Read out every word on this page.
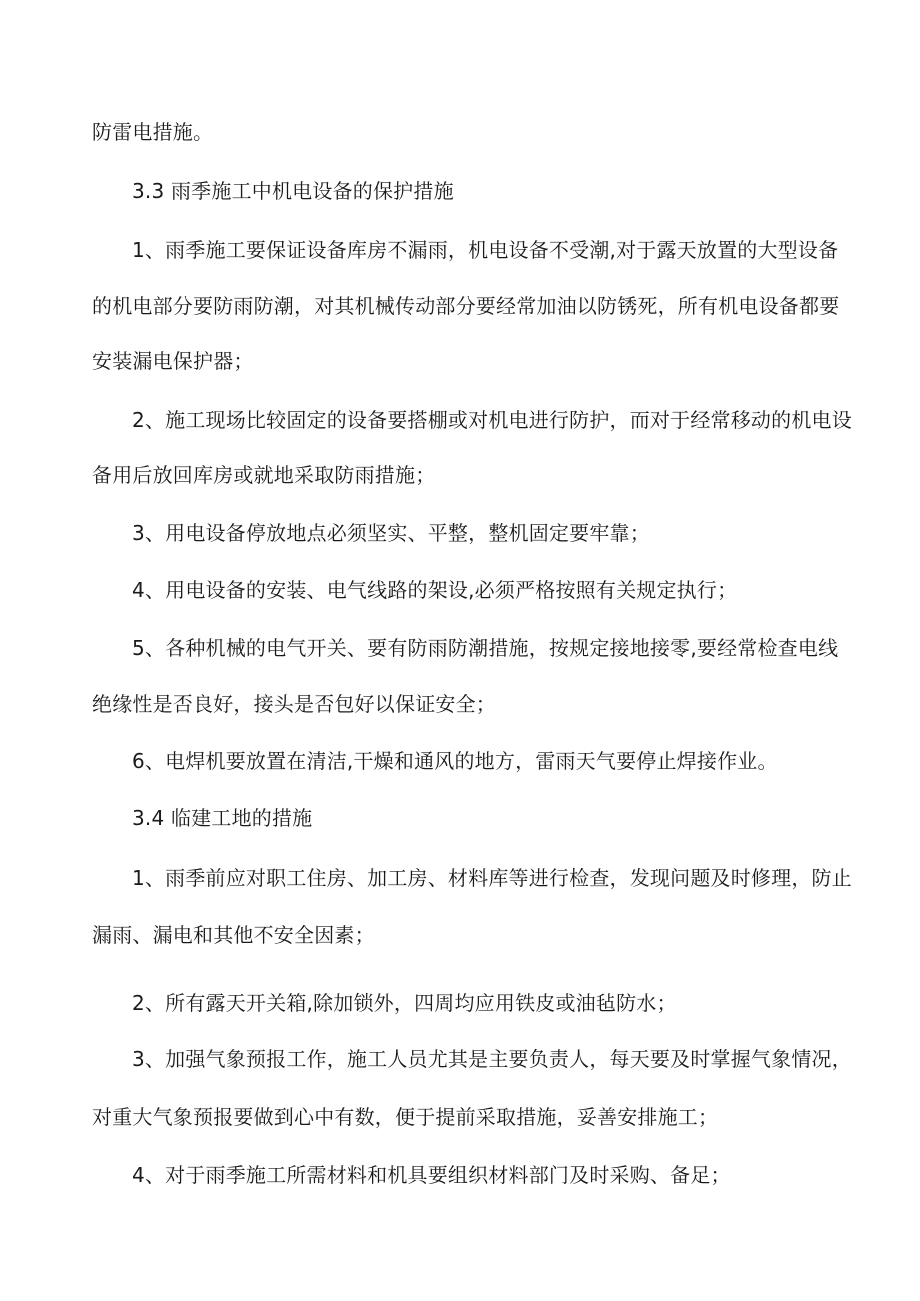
防雷电措施。
3.3 雨季施工中机电设备的保护措施
1、雨季施工要保证设备库房不漏雨，机电设备不受潮,对于露天放置的大型设备
的机电部分要防雨防潮，对其机械传动部分要经常加油以防锈死，所有机电设备都要
安装漏电保护器；
2、施工现场比较固定的设备要搭棚或对机电进行防护，而对于经常移动的机电设
备用后放回库房或就地采取防雨措施；
3、用电设备停放地点必须坚实、平整，整机固定要牢靠；
4、用电设备的安装、电气线路的架设,必须严格按照有关规定执行；
5、各种机械的电气开关、要有防雨防潮措施，按规定接地接零,要经常检查电线
绝缘性是否良好，接头是否包好以保证安全；
6、电焊机要放置在清洁,干燥和通风的地方，雷雨天气要停止焊接作业。
3.4 临建工地的措施
1、雨季前应对职工住房、加工房、材料库等进行检查，发现问题及时修理，防止
漏雨、漏电和其他不安全因素；
2、所有露天开关箱,除加锁外，四周均应用铁皮或油毡防水；
3、加强气象预报工作，施工人员尤其是主要负责人，每天要及时掌握气象情况，
对重大气象预报要做到心中有数，便于提前采取措施，妥善安排施工；
4、对于雨季施工所需材料和机具要组织材料部门及时采购、备足；
